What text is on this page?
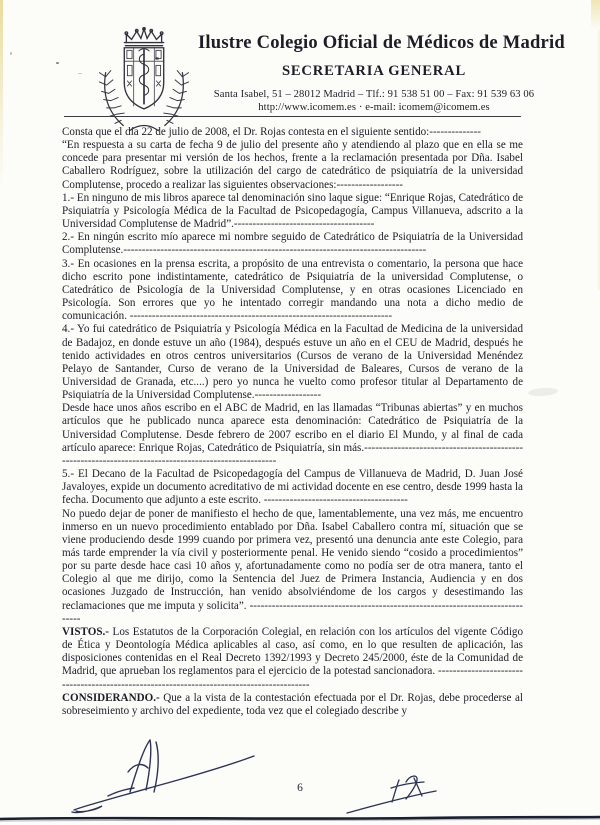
Ilustre Colegio Oficial de Médicos de Madrid
SECRETARIA GENERAL
Santa Isabel, 51 – 28012 Madrid – Tlf.: 91 538 51 00 – Fax: 91 539 63 06
http://www.icomem.es · e-mail: icomem@icomem.es

Consta que el día 22 de julio de 2008, el Dr. Rojas contesta en el siguiente sentido:--------------

“En respuesta a su carta de fecha 9 de julio del presente año y atendiendo al plazo que en ella se me concede para presentar mi versión de los hechos, frente a la reclamación presentada por Dña. Isabel Caballero Rodríguez, sobre la utilización del cargo de catedrático de psiquiatría de la universidad Complutense, procedo a realizar las siguientes observaciones:------------------

1.- En ninguno de mis libros aparece tal denominación sino laque sigue: “Enrique Rojas, Catedrático de Psiquiatría y Psicología Médica de la Facultad de Psicopedagogía, Campus Villanueva, adscrito a la Universidad Complutense de Madrid”.--------------------------------------

2.- En ningún escrito mío aparece mi nombre seguido de Catedrático de Psiquiatría de la Universidad Complutense.----------------------------------------------------------------------------------

3.- En ocasiones en la prensa escrita, a propósito de una entrevista o comentario, la persona que hace dicho escrito pone indistintamente, catedrático de Psiquiatría de la universidad Complutense, o Catedrático de Psicología de la Universidad Complutense, y en otras ocasiones Licenciado en Psicología. Son errores que yo he intentado corregir mandando una nota a dicho medio de comunicación. -----------------------------------------------------------------------

4.- Yo fui catedrático de Psiquiatría y Psicología Médica en la Facultad de Medicina de la universidad de Badajoz, en donde estuve un año (1984), después estuve un año en el CEU de Madrid, después he tenido actividades en otros centros universitarios (Cursos de verano de la Universidad Menéndez Pelayo de Santander, Curso de verano de la Universidad de Baleares, Cursos de verano de la Universidad de Granada, etc....) pero yo nunca he vuelto como profesor titular al Departamento de Psiquiatría de la Universidad Complutense.------------------

Desde hace unos años escribo en el ABC de Madrid, en las llamadas “Tribunas abiertas” y en muchos artículos que he publicado nunca aparece esta denominación: Catedrático de Psiquiatría de la Universidad Complutense. Desde febrero de 2007 escribo en el diario El Mundo, y al final de cada artículo aparece: Enrique Rojas, Catedrático de Psiquiatría, sin más.-----------------------------------------------------------------------------------------------------

5.- El Decano de la Facultad de Psicopedagogía del Campus de Villanueva de Madrid, D. Juan José Javaloyes, expide un documento acreditativo de mi actividad docente en ese centro, desde 1999 hasta la fecha. Documento que adjunto a este escrito. ---------------------------------------

No puedo dejar de poner de manifiesto el hecho de que, lamentablemente, una vez más, me encuentro inmerso en un nuevo procedimiento entablado por Dña. Isabel Caballero contra mí, situación que se viene produciendo desde 1999 cuando por primera vez, presentó una denuncia ante este Colegio, para más tarde emprender la vía civil y posteriormente penal. He venido siendo “cosido a procedimientos” por su parte desde hace casi 10 años y, afortunadamente como no podía ser de otra manera, tanto el Colegio al que me dirijo, como la Sentencia del Juez de Primera Instancia, Audiencia y en dos ocasiones Juzgado de Instrucción, han venido absolviéndome de los cargos y desestimando las reclamaciones que me imputa y solicita”. -------------------------------------------------------------------------------

VISTOS.- Los Estatutos de la Corporación Colegial, en relación con los artículos del vigente Código de Ética y Deontología Médica aplicables al caso, así como, en lo que resulten de aplicación, las disposiciones contenidas en el Real Decreto 1392/1993 y Decreto 245/2000, éste de la Comunidad de Madrid, que aprueban los reglamentos para el ejercicio de la potestad sancionadora. ------------------------------------------------------------------------------------------

CONSIDERANDO.- Que a la vista de la contestación efectuada por el Dr. Rojas, debe procederse al sobreseimiento y archivo del expediente, toda vez que el colegiado describe y

6
